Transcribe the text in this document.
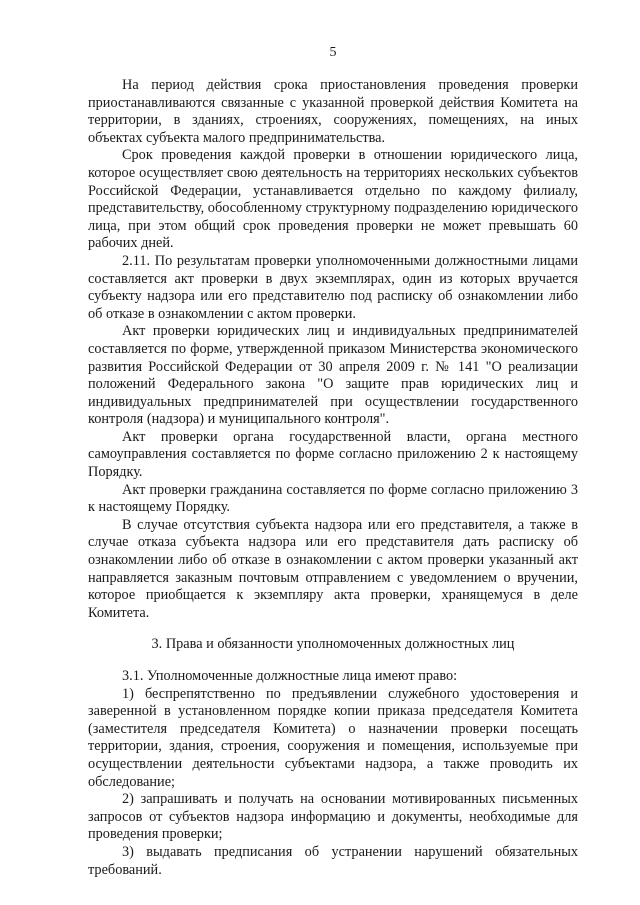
5

На период действия срока приостановления проведения проверки приостанавливаются связанные с указанной проверкой действия Комитета на территории, в зданиях, строениях, сооружениях, помещениях, на иных объектах субъекта малого предпринимательства.

Срок проведения каждой проверки в отношении юридического лица, которое осуществляет свою деятельность на территориях нескольких субъектов Российской Федерации, устанавливается отдельно по каждому филиалу, представительству, обособленному структурному подразделению юридического лица, при этом общий срок проведения проверки не может превышать 60 рабочих дней.

2.11. По результатам проверки уполномоченными должностными лицами составляется акт проверки в двух экземплярах, один из которых вручается субъекту надзора или его представителю под расписку об ознакомлении либо об отказе в ознакомлении с актом проверки.

Акт проверки юридических лиц и индивидуальных предпринимателей составляется по форме, утвержденной приказом Министерства экономического развития Российской Федерации от 30 апреля 2009 г. № 141 "О реализации положений Федерального закона "О защите прав юридических лиц и индивидуальных предпринимателей при осуществлении государственного контроля (надзора) и муниципального контроля".

Акт проверки органа государственной власти, органа местного самоуправления составляется по форме согласно приложению 2 к настоящему Порядку.

Акт проверки гражданина составляется по форме согласно приложению 3 к настоящему Порядку.

В случае отсутствия субъекта надзора или его представителя, а также в случае отказа субъекта надзора или его представителя дать расписку об ознакомлении либо об отказе в ознакомлении с актом проверки указанный акт направляется заказным почтовым отправлением с уведомлением о вручении, которое приобщается к экземпляру акта проверки, хранящемуся в деле Комитета.

3. Права и обязанности уполномоченных должностных лиц

3.1. Уполномоченные должностные лица имеют право:

1) беспрепятственно по предъявлении служебного удостоверения и заверенной в установленном порядке копии приказа председателя Комитета (заместителя председателя Комитета) о назначении проверки посещать территории, здания, строения, сооружения и помещения, используемые при осуществлении деятельности субъектами надзора, а также проводить их обследование;

2) запрашивать и получать на основании мотивированных письменных запросов от субъектов надзора информацию и документы, необходимые для проведения проверки;

3) выдавать предписания об устранении нарушений обязательных требований.
